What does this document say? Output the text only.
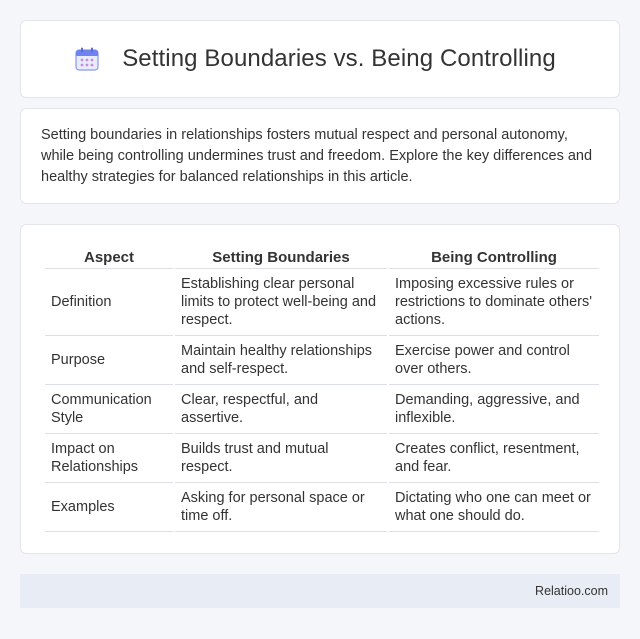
Setting Boundaries vs. Being Controlling

Setting boundaries in relationships fosters mutual respect and personal autonomy, while being controlling undermines trust and freedom. Explore the key differences and healthy strategies for balanced relationships in this article.

Aspect	Setting Boundaries	Being Controlling
Definition	Establishing clear personal limits to protect well-being and respect.	Imposing excessive rules or restrictions to dominate others' actions.
Purpose	Maintain healthy relationships and self-respect.	Exercise power and control over others.
Communication Style	Clear, respectful, and assertive.	Demanding, aggressive, and inflexible.
Impact on Relationships	Builds trust and mutual respect.	Creates conflict, resentment, and fear.
Examples	Asking for personal space or time off.	Dictating who one can meet or what one should do.
Relatioo.com
